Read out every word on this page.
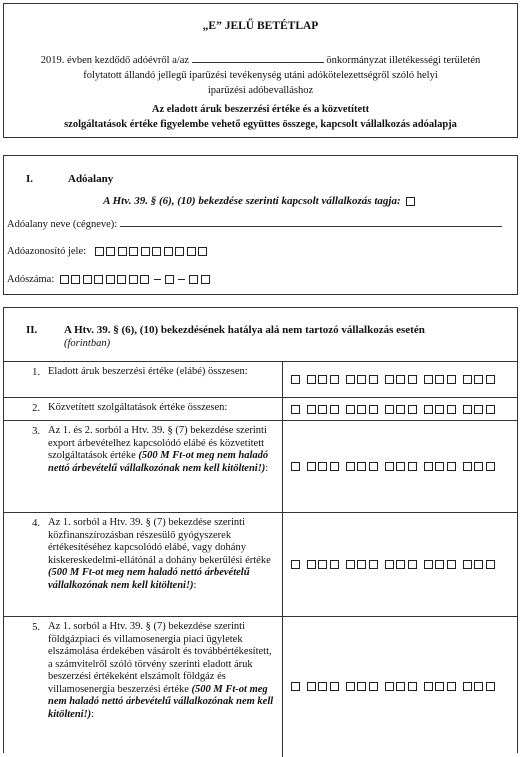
„E” JELŰ BETÉTLAP
2019. évben kezdődő adóévről a/az	önkormányzat illetékességi területén
folytatott állandó jellegű iparűzési tevékenység utáni adókötelezettségről szóló helyi
iparűzési adóbevalláshoz
Az eladott áruk beszerzési értéke és a közvetített
szolgáltatások értéke figyelembe vehető együttes összege, kapcsolt vállalkozás adóalapja
I.	Adóalany
A Htv. 39. § (6), (10) bekezdése szerinti kapcsolt vállalkozás tagja:
Adóalany neve (cégneve):
Adóazonosító jele:
Adószáma:
II. A Htv. 39. § (6), (10) bekezdésének hatálya alá nem tartozó vállalkozás esetén
(forintban)
1.	Eladott áruk beszerzési értéke (elábé) összesen:	
2.	Közvetített szolgáltatások értéke összesen:	
3.	Az 1. és 2. sorból a Htv. 39. § (7) bekezdése szerinti export árbevételhez kapcsolódó elábé és közvetített szolgáltatások értéke (500 M Ft-ot meg nem haladó nettó árbevételű vállalkozónak nem kell kitölteni!):	
4.	Az 1. sorból a Htv. 39. § (7) bekezdése szerinti közfinanszírozásban részesülő gyógyszerek értékesítéséhez kapcsolódó elábé, vagy dohány kiskereskedelmi-ellátónál a dohány bekerülési értéke (500 M Ft-ot meg nem haladó nettó árbevételű vállalkozónak nem kell kitölteni!):	
5.	Az 1. sorból a Htv. 39. § (7) bekezdése szerinti földgázpiaci és villamosenergia piaci ügyletek elszámolása érdekében vásárolt és továbbértékesített, a számvitelről szóló törvény szerinti eladott áruk beszerzési értékeként elszámolt földgáz és villamosenergia beszerzési értéke (500 M Ft-ot meg nem haladó nettó árbevételű vállalkozónak nem kell kitölteni!):	
